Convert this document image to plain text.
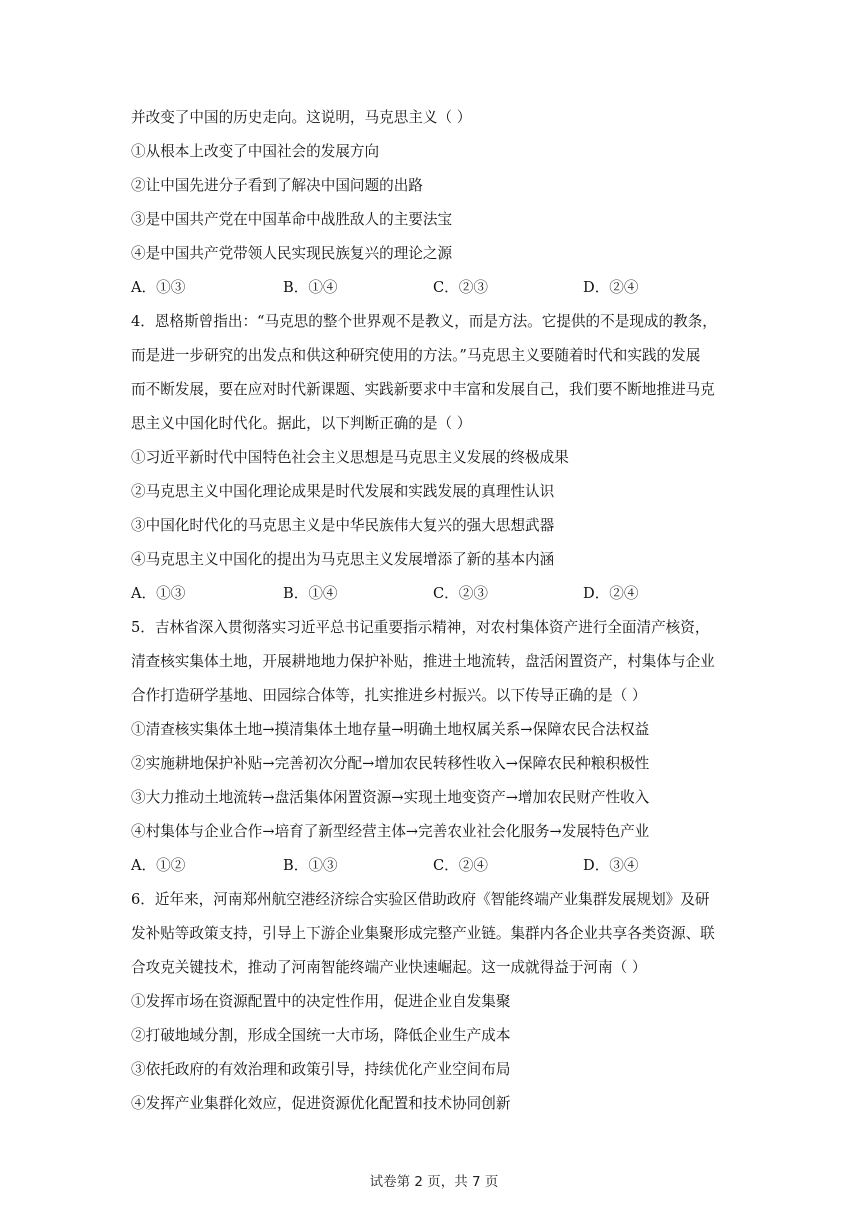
并改变了中国的历史走向。这说明，马克思主义（ ）
①从根本上改变了中国社会的发展方向
②让中国先进分子看到了解决中国问题的出路
③是中国共产党在中国革命中战胜敌人的主要法宝
④是中国共产党带领人民实现民族复兴的理论之源
A．①③	B．①④	C．②③	D．②④
4．恩格斯曾指出：“马克思的整个世界观不是教义，而是方法。它提供的不是现成的教条，
而是进一步研究的出发点和供这种研究使用的方法。”马克思主义要随着时代和实践的发展
而不断发展，要在应对时代新课题、实践新要求中丰富和发展自己，我们要不断地推进马克
思主义中国化时代化。据此，以下判断正确的是（ ）
①习近平新时代中国特色社会主义思想是马克思主义发展的终极成果
②马克思主义中国化理论成果是时代发展和实践发展的真理性认识
③中国化时代化的马克思主义是中华民族伟大复兴的强大思想武器
④马克思主义中国化的提出为马克思主义发展增添了新的基本内涵
A．①③	B．①④	C．②③	D．②④
5．吉林省深入贯彻落实习近平总书记重要指示精神，对农村集体资产进行全面清产核资，
清查核实集体土地，开展耕地地力保护补贴，推进土地流转，盘活闲置资产，村集体与企业
合作打造研学基地、田园综合体等，扎实推进乡村振兴。以下传导正确的是（ ）
①清查核实集体土地→摸清集体土地存量→明确土地权属关系→保障农民合法权益
②实施耕地保护补贴→完善初次分配→增加农民转移性收入→保障农民种粮积极性
③大力推动土地流转→盘活集体闲置资源→实现土地变资产→增加农民财产性收入
④村集体与企业合作→培育了新型经营主体→完善农业社会化服务→发展特色产业
A．①②	B．①③	C．②④	D．③④
6．近年来，河南郑州航空港经济综合实验区借助政府《智能终端产业集群发展规划》及研
发补贴等政策支持，引导上下游企业集聚形成完整产业链。集群内各企业共享各类资源、联
合攻克关键技术，推动了河南智能终端产业快速崛起。这一成就得益于河南（ ）
①发挥市场在资源配置中的决定性作用，促进企业自发集聚
②打破地域分割，形成全国统一大市场，降低企业生产成本
③依托政府的有效治理和政策引导，持续优化产业空间布局
④发挥产业集群化效应，促进资源优化配置和技术协同创新
试卷第 2 页，共 7 页
